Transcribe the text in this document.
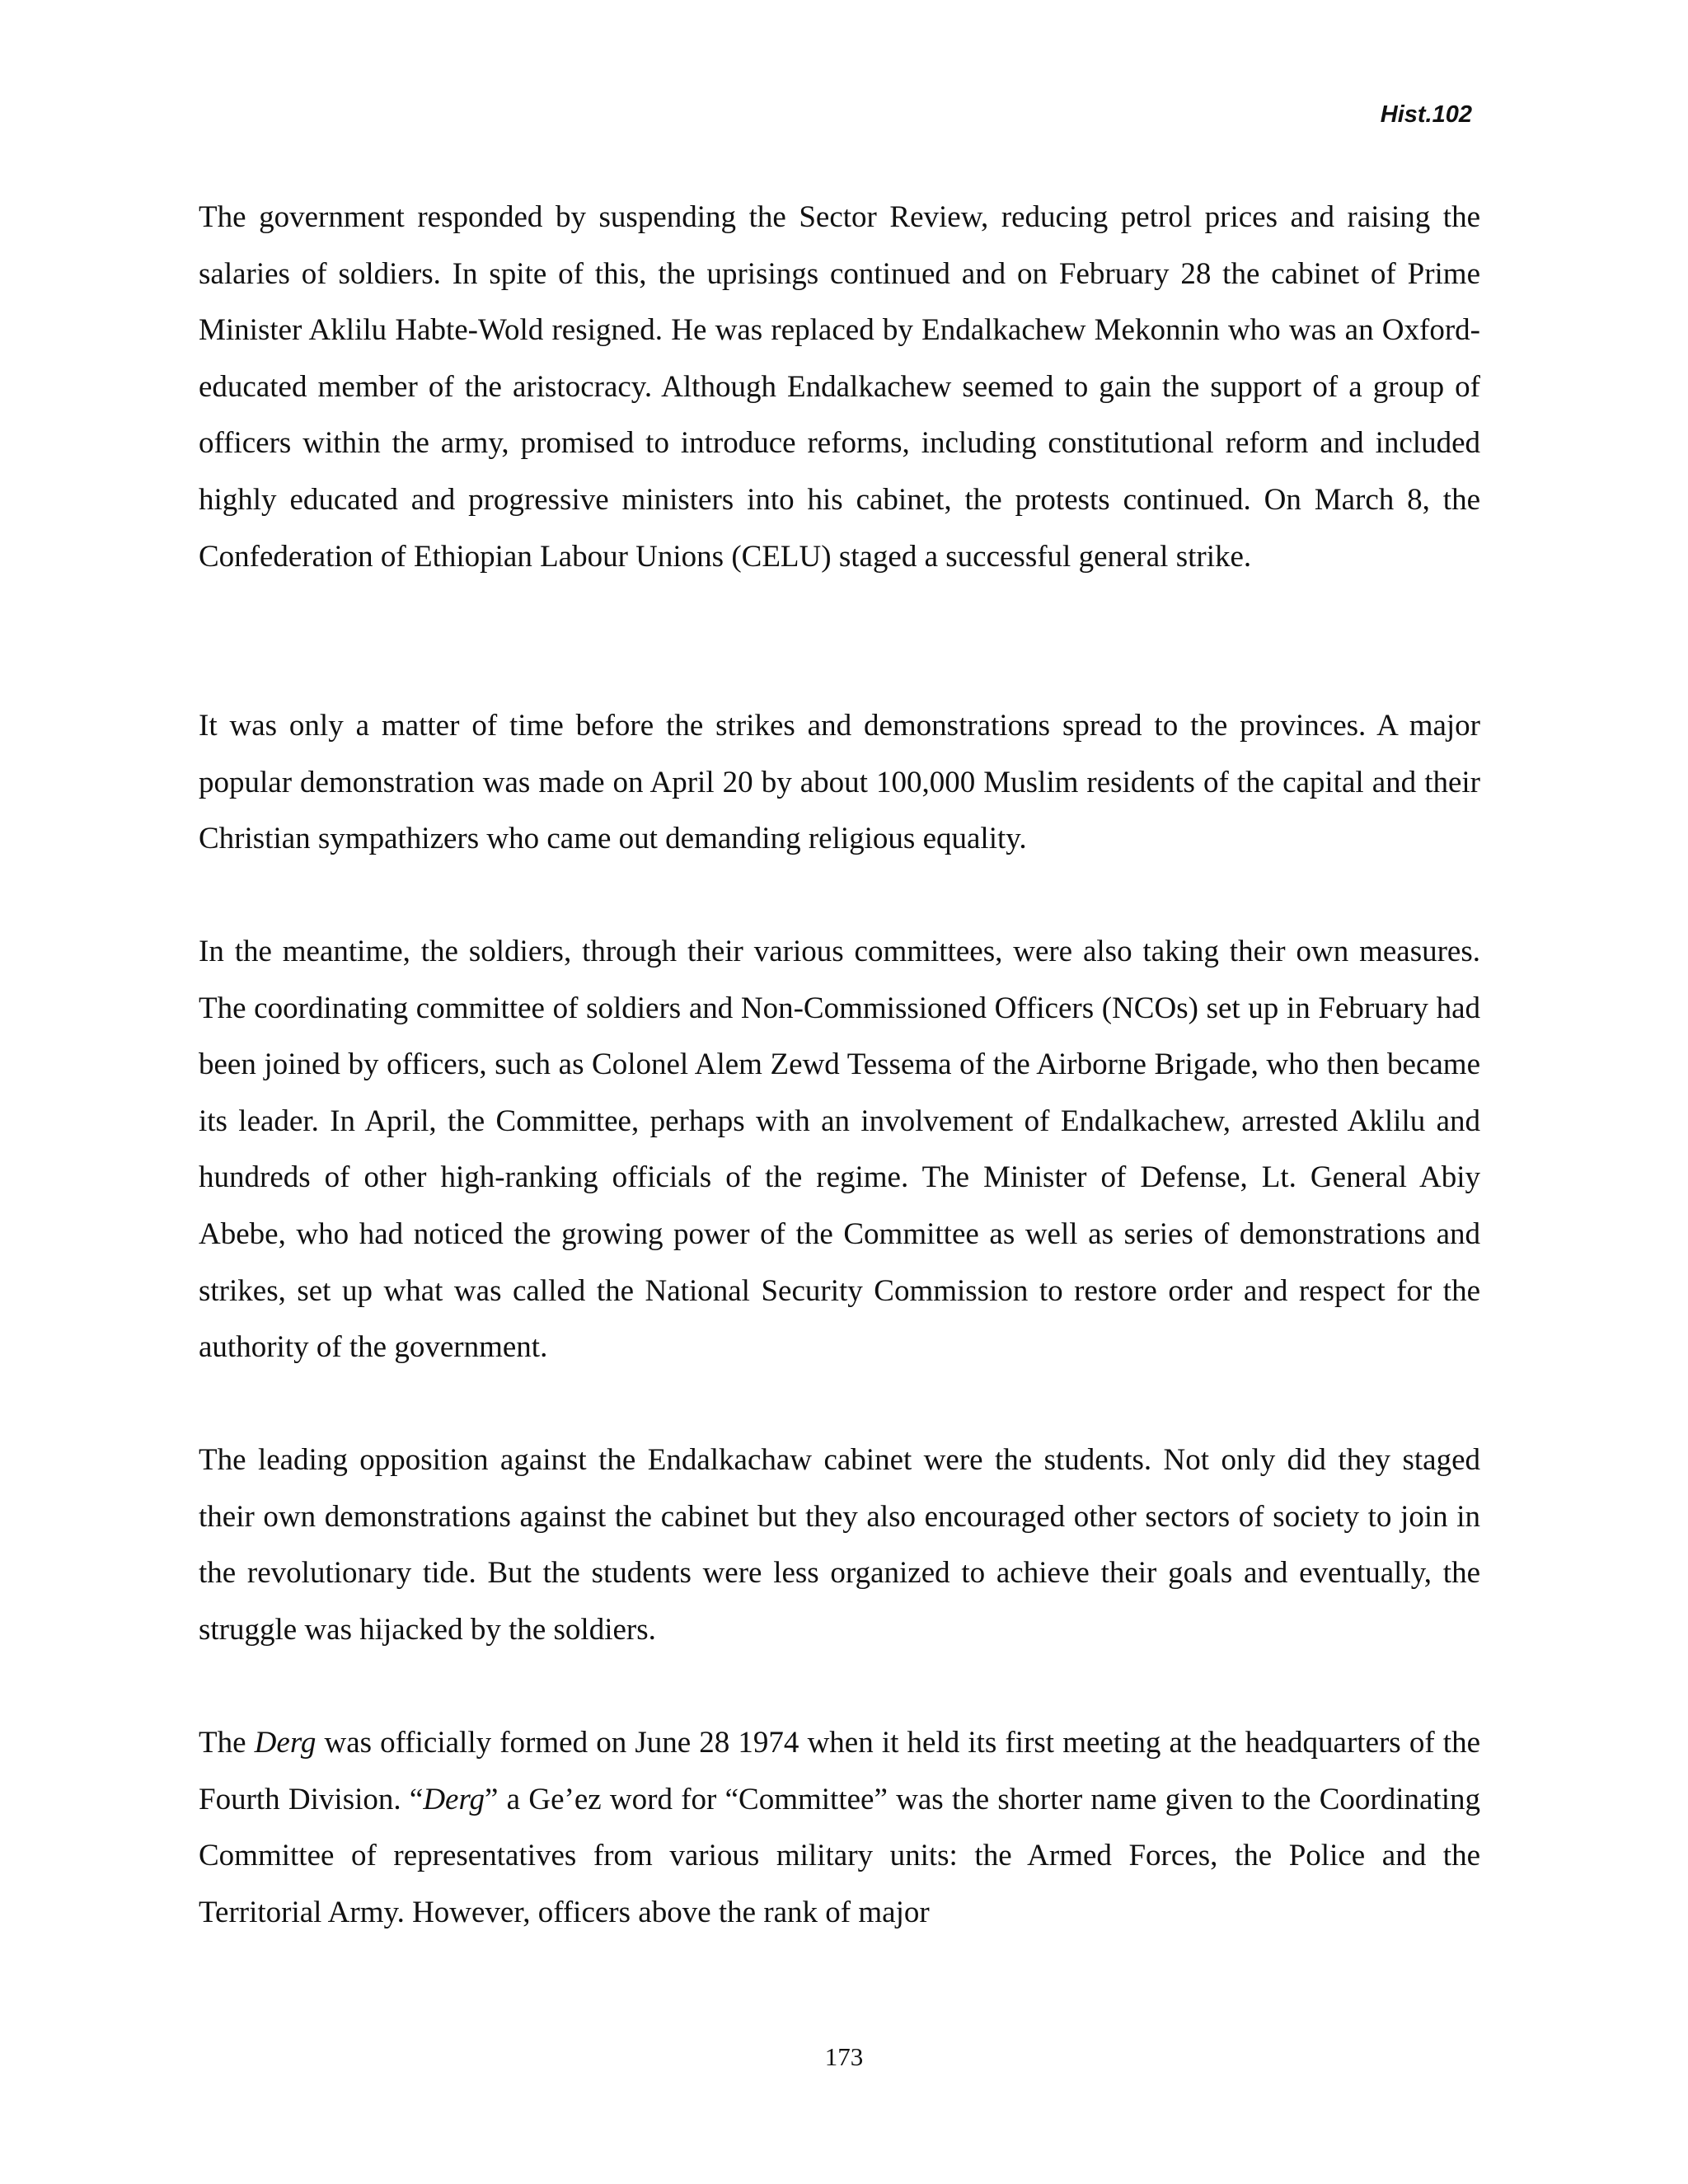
Hist.102

The government responded by suspending the Sector Review, reducing petrol prices and raising the salaries of soldiers. In spite of this, the uprisings continued and on February 28 the cabinet of Prime Minister Aklilu Habte-Wold resigned. He was replaced by Endalkachew Mekonnin who was an Oxford-educated member of the aristocracy. Although Endalkachew seemed to gain the support of a group of officers within the army, promised to introduce reforms, including constitutional reform and included highly educated and progressive ministers into his cabinet, the protests continued. On March 8, the Confederation of Ethiopian Labour Unions (CELU) staged a successful general strike.

It was only a matter of time before the strikes and demonstrations spread to the provinces. A major popular demonstration was made on April 20 by about 100,000 Muslim residents of the capital and their Christian sympathizers who came out demanding religious equality.

In the meantime, the soldiers, through their various committees, were also taking their own measures. The coordinating committee of soldiers and Non-Commissioned Officers (NCOs) set up in February had been joined by officers, such as Colonel Alem Zewd Tessema of the Airborne Brigade, who then became its leader. In April, the Committee, perhaps with an involvement of Endalkachew, arrested Aklilu and hundreds of other high-ranking officials of the regime. The Minister of Defense, Lt. General Abiy Abebe, who had noticed the growing power of the Committee as well as series of demonstrations and strikes, set up what was called the National Security Commission to restore order and respect for the authority of the government.

The leading opposition against the Endalkachaw cabinet were the students. Not only did they staged their own demonstrations against the cabinet but they also encouraged other sectors of society to join in the revolutionary tide. But the students were less organized to achieve their goals and eventually, the struggle was hijacked by the soldiers.

The Derg was officially formed on June 28 1974 when it held its first meeting at the headquarters of the Fourth Division. “Derg” a Ge’ez word for “Committee” was the shorter name given to the Coordinating Committee of representatives from various military units: the Armed Forces, the Police and the Territorial Army. However, officers above the rank of major

173
